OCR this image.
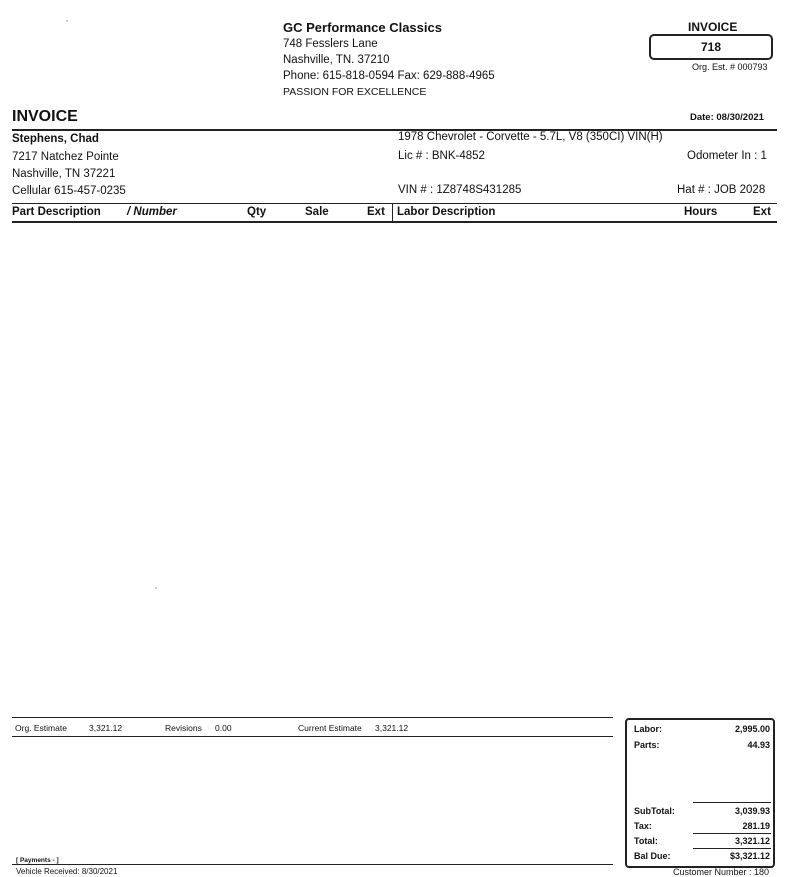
GC Performance Classics
748 Fesslers Lane
Nashville, TN. 37210
Phone: 615-818-0594 Fax: 629-888-4965
PASSION FOR EXCELLENCE
INVOICE
718
Org. Est. # 000793
INVOICE	Date: 08/30/2021
Stephens, Chad
7217 Natchez Pointe
Nashville, TN 37221
Cellular 615-457-0235
1978 Chevrolet - Corvette - 5.7L, V8 (350CI) VIN(H)
Lic # : BNK-4852	Odometer In : 1
VIN # : 1Z8748S431285	Hat # : JOB 2028
Part Description / Number	Qty	Sale	Ext Labor Description	Hours	Ext
Org. Estimate	3,321.12	Revisions 0.00	Current Estimate 3,321.12
[ Payments - ]
Vehicle Received: 8/30/2021
Labor:	2,995.00
Parts:	44.93
SubTotal:	3,039.93
Tax:	281.19
Total:	3,321.12
Bal Due:	$3,321.12
Customer Number : 180
